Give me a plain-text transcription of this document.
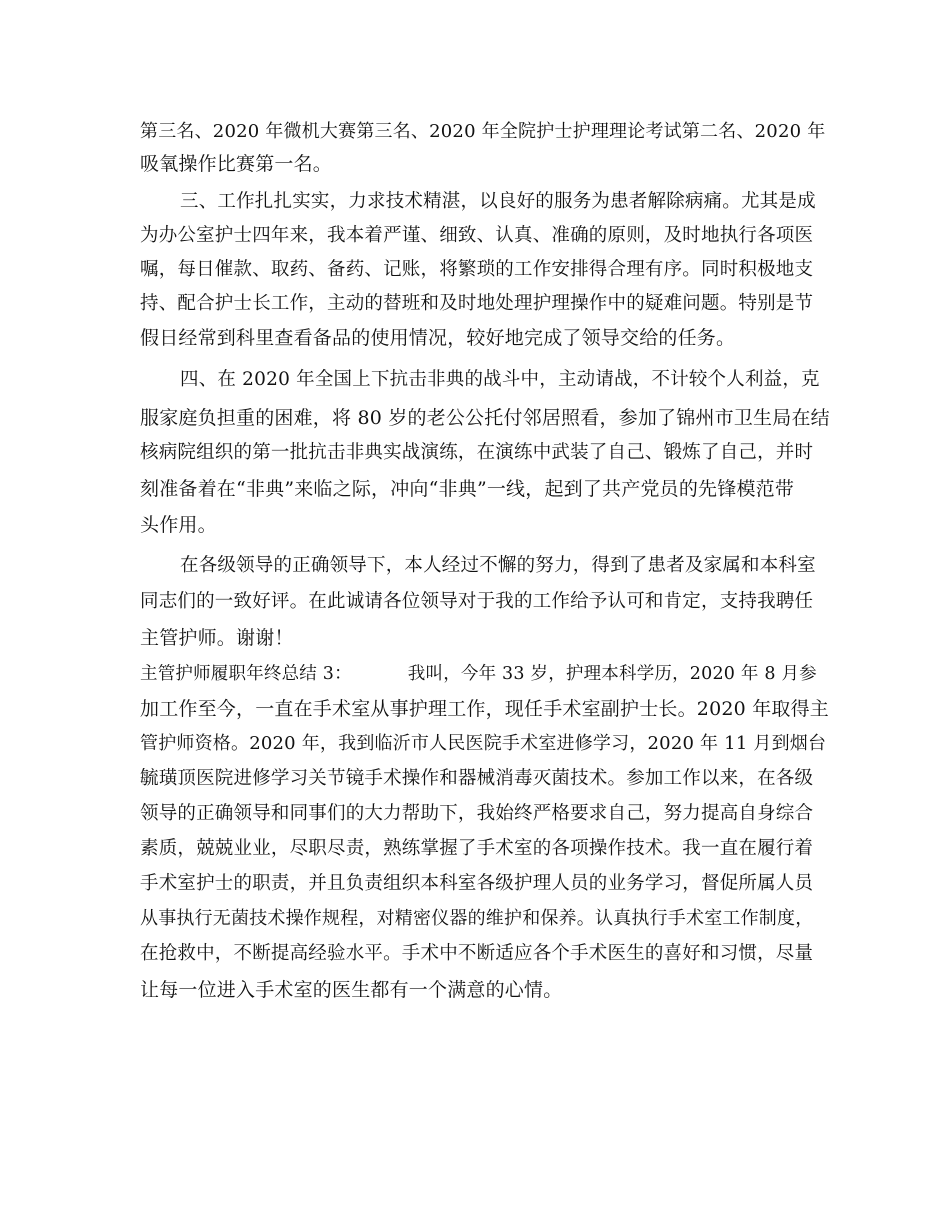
第三名、2020 年微机大赛第三名、2020 年全院护士护理理论考试第二名、2020 年

吸氧操作比赛第一名。

三、工作扎扎实实，力求技术精湛，以良好的服务为患者解除病痛。尤其是成

为办公室护士四年来，我本着严谨、细致、认真、准确的原则，及时地执行各项医

嘱，每日催款、取药、备药、记账，将繁琐的工作安排得合理有序。同时积极地支

持、配合护士长工作，主动的替班和及时地处理护理操作中的疑难问题。特别是节

假日经常到科里查看备品的使用情况，较好地完成了领导交给的任务。

四、在 2020 年全国上下抗击非典的战斗中，主动请战，不计较个人利益，克

服家庭负担重的困难，将 80 岁的老公公托付邻居照看，参加了锦州市卫生局在结

核病院组织的第一批抗击非典实战演练，在演练中武装了自己、锻炼了自己，并时

刻准备着在“非典”来临之际，冲向“非典”一线，起到了共产党员的先锋模范带

头作用。

在各级领导的正确领导下，本人经过不懈的努力，得到了患者及家属和本科室

同志们的一致好评。在此诚请各位领导对于我的工作给予认可和肯定，支持我聘任

主管护师。谢谢！

主管护师履职年终总结 3：	我叫，今年 33 岁，护理本科学历，2020 年 8 月参

加工作至今，一直在手术室从事护理工作，现任手术室副护士长。2020 年取得主

管护师资格。2020 年，我到临沂市人民医院手术室进修学习，2020 年 11 月到烟台

毓璜顶医院进修学习关节镜手术操作和器械消毒灭菌技术。参加工作以来，在各级

领导的正确领导和同事们的大力帮助下，我始终严格要求自己，努力提高自身综合

素质，兢兢业业，尽职尽责，熟练掌握了手术室的各项操作技术。我一直在履行着

手术室护士的职责，并且负责组织本科室各级护理人员的业务学习，督促所属人员

从事执行无菌技术操作规程，对精密仪器的维护和保养。认真执行手术室工作制度，

在抢救中，不断提高经验水平。手术中不断适应各个手术医生的喜好和习惯，尽量

让每一位进入手术室的医生都有一个满意的心情。
